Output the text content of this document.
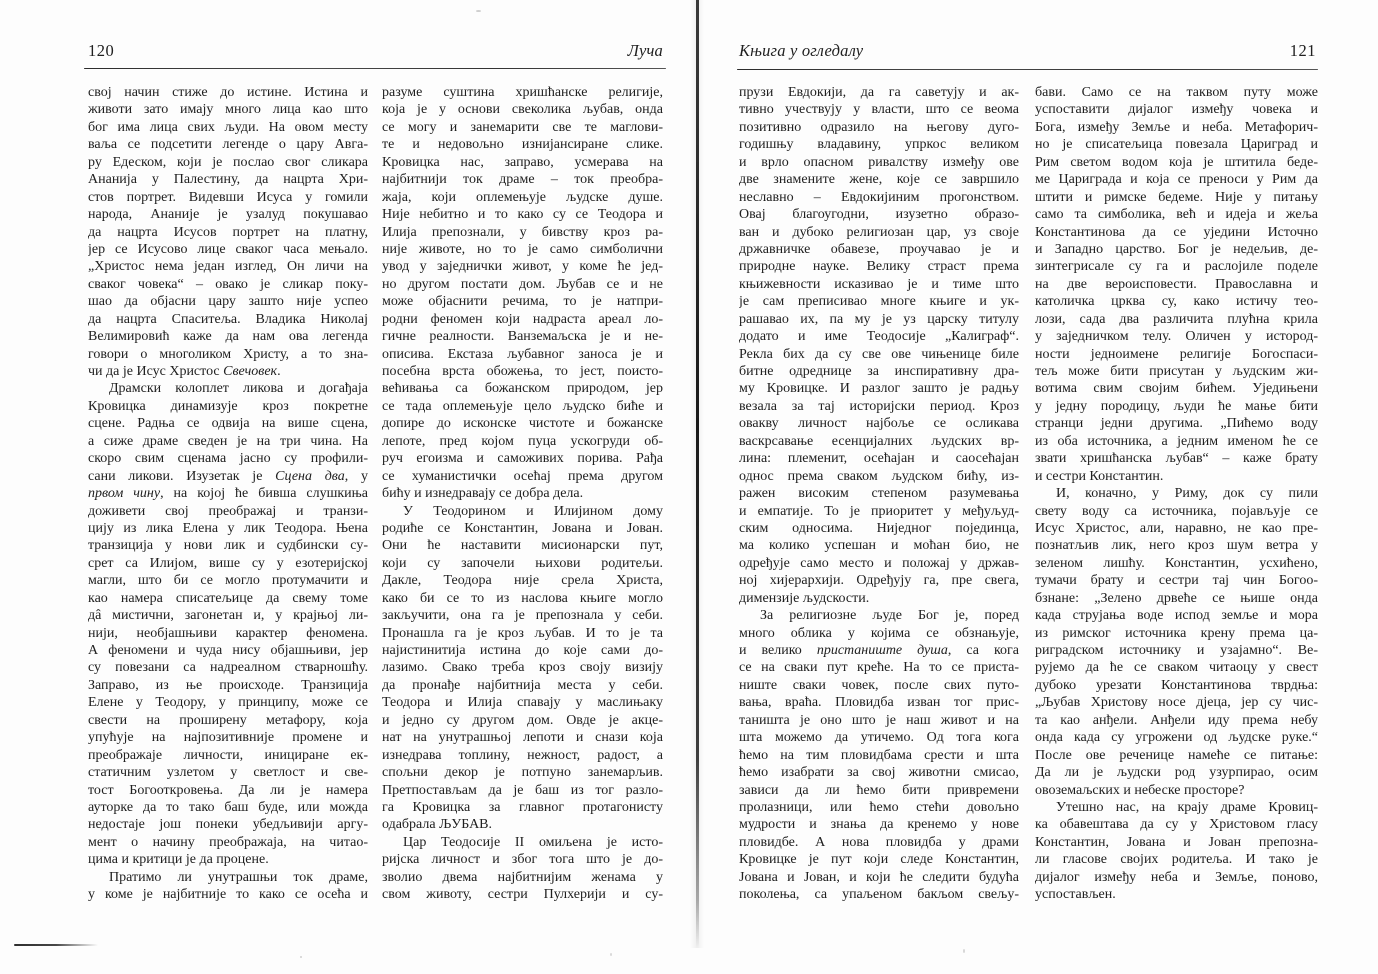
120	Луча	Књига у огледалу	121
свој начин стиже до истине. Истина и
животи зато имају много лица као што
бог има лица свих људи. На овом месту
ваља се подсетити легенде о цару Авга-
ру Едеском, који је послао свог сликара
Ананија у Палестину, да нацрта Хри-
стов портрет. Видевши Исуса у гомили
народа, Ананије је узалуд покушавао
да нацрта Исусов портрет на платну,
јер се Исусово лице сваког часа мењало.
„Христос нема један изглед, Он личи на
сваког човека“ – овако је сликар поку-
шао да објасни цару зашто није успео
да нацрта Спаситеља. Владика Николај
Велимировић каже да нам ова легенда
говори о многоликом Христу, а то зна-
чи да је Исус Христос Свечовек.
Драмски колоплет ликова и догађаја
Кровицка динамизује кроз покретне
сцене. Радња се одвија на више сцена,
а сиже драме сведен је на три чина. На
скоро свим сценама јасно су профили-
сани ликови. Изузетак је Сцена два, у
првом чину, на којој ће бивша слушкиња
доживети свој преображај и транзи-
цију из лика Елена у лик Теодора. Њена
транзиција у нови лик и судбински су-
срет са Илијом, више су у езотеријској
магли, што би се могло протумачити и
као намера списатељице да свему томе
дâ мистични, загонетан и, у крајњој ли-
нији, необјашњиви карактер феномена.
А феномени и чуда нису објашњиви, јер
су повезани са надреалном стварношћу.
Заправо, из ње происходе. Транзиција
Елене у Теодору, у принципу, може се
свести на проширену метафору, која
упућује на најпозитивније промене и
преображаје личности, инициране ек-
статичним узлетом у светлост и све-
тост Богооткровења. Да ли је намера
ауторке да то тако баш буде, или можда
недостаје још понеки убедљивији аргу-
мент о начину преображаја, на читао-
цима и критици је да процене.
Пратимо ли унутрашњи ток драме,
у коме је најбитније то како се осећа и
разуме суштина хришћанске религије,
која је у основи свеколика љубав, онда
се могу и занемарити све те маглови-
те и недовољно изнијансиране слике.
Кровицка нас, заправо, усмерава на
најбитнији ток драме – ток преобра-
жаја, који оплемењује људске душе.
Није небитно и то како су се Теодора и
Илија препознали, у бивству кроз ра-
није животе, но то је само симболични
увод у заједнички живот, у коме ће јед-
но другом постати дом. Љубав се и не
може објаснити речима, то је натпри-
родни феномен који надраста ареал ло-
гичне реалности. Ванземаљска је и не-
описива. Екстаза љубавног заноса је и
посебна врста обожења, то јест, поисто-
већивања са божанском природом, јер
се тада оплемењује цело људско биће и
допире до исконске чистоте и божанске
лепоте, пред којом пуца ускогруди об-
руч егоизма и саможивих порива. Рађа
се хуманистички осећај према другом
бићу и изнедравају се добра дела.
У Теодорином и Илијином дому
родиће се Константин, Јована и Јован.
Они ће наставити мисионарски пут,
који су започели њихови родитељи.
Дакле, Теодора није срела Христа,
како би се то из наслова књиге могло
закључити, она га је препознала у себи.
Пронашла га је кроз љубав. И то је та
најистинитија истина до које сами до-
лазимо. Свако треба кроз своју визију
да пронађе најбитнија места у себи.
Теодора и Илија спавају у маслињаку
и једно су другом дом. Овде је акце-
нат на унутрашњој лепоти и снази која
изнедрава топлину, нежност, радост, а
спољни декор је потпуно занемарљив.
Претпостављам да је баш из тог разло-
га Кровицка за главног протагонисту
одабрала ЉУБАВ.
Цар Теодосије II омиљена је исто-
ријска личност и због тога што је до-
зволио двема најбитнијим женама у
свом животу, сестри Пулхерији и су-
прузи Евдокији, да га саветују и ак-
тивно учествују у власти, што се веома
позитивно одразило на његову дуго-
годишњу владавину, упркос великом
и врло опасном ривалству између ове
две знамените жене, које се завршило
неславно – Евдокијиним прогонством.
Овај благоугодни, изузетно образо-
ван и дубоко религиозан цар, уз своје
државничке обавезе, проучавао је и
природне науке. Велику страст према
књижевности исказивао је и тиме што
је сам преписивао многе књиге и ук-
рашавао их, па му је уз царску титулу
додато и име Теодосије „Калиграф“.
Рекла бих да су све ове чињенице биле
битне одреднице за инспиративну дра-
му Кровицке. И разлог зашто је радњу
везала за тај историјски период. Кроз
овакву личност најбоље се осликава
васкрсавање есенцијалних људских вр-
лина: племенит, осећајан и саосећајан
однос према сваком људском бићу, из-
ражен високим степеном разумевања
и емпатије. То је приоритет у међуљуд-
ским односима. Ниједног појединца,
ма колико успешан и моћан био, не
одређује само место и положај у држав-
ној хијерархији. Одређују га, пре свега,
димензије људскости.
За религиозне људе Бог је, поред
много облика у којима се обзнањује,
и велико пристаниште душа, са кога
се на сваки пут креће. На то се приста-
ниште сваки човек, после свих путо-
вања, враћа. Пловидба изван тог прис-
таништа је оно што је наш живот и на
шта можемо да утичемо. Од тога кога
ћемо на тим пловидбама срести и шта
ћемо изабрати за свој животни смисао,
зависи да ли ћемо бити привремени
пролазници, или ћемо стећи довољно
мудрости и знања да кренемо у нове
пловидбе. А нова пловидба у драми
Кровицке је пут који следе Константин,
Јована и Јован, и који ће следити будућа
поколења, са упаљеном бакљом свељу-
бави. Само се на таквом путу може
успоставити дијалог између човека и
Бога, између Земље и неба. Метафорич-
но је списатељица повезала Цариград и
Рим светом водом која је штитила беде-
ме Цариграда и која се преноси у Рим да
штити и римске бедеме. Није у питању
само та симболика, већ и идеја и жеља
Константинова да се уједини Источно
и Западно царство. Бог је недељив, де-
зинтегрисале су га и раслојиле поделе
на две вероисповести. Православна и
католичка црква су, како истичу тео-
лози, сада два различита плућна крила
у заједничком телу. Оличен у истород-
ности једноимене религије Богоспаси-
тељ може бити присутан у људским жи-
вотима свим својим бићем. Уједињени
у једну породицу, људи ће мање бити
странци једни другима. „Пићемо воду
из оба источника, а једним именом ће се
звати хришћанска љубав“ – каже брату
и сестри Константин.
И, коначно, у Риму, док су пили
свету воду са источника, појављује се
Исус Христос, али, наравно, не као пре-
познатљив лик, него кроз шум ветра у
зеленом лишћу. Константин, усхићено,
тумачи брату и сестри тај чин Богоо-
бзнане: „Зелено дрвеће се њише онда
када струјања воде испод земље и мора
из римског источника крену према ца-
риградском источнику и узајамно“. Ве-
рујемо да ће се сваком читаоцу у свест
дубоко урезати Константинова тврдња:
„Љубав Христову носе дјеца, јер су чис-
та као анђели. Анђели иду према небу
онда када су угрожени од људске руке.“
После ове реченице намеће се питање:
Да ли је људски род узурпирао, осим
овоземаљских и небеске просторе?
Утешно нас, на крају драме Кровиц-
ка обавештава да су у Христовом гласу
Константин, Јована и Јован препозна-
ли гласове својих родитеља. И тако је
дијалог између неба и Земље, поново,
успостављен.
